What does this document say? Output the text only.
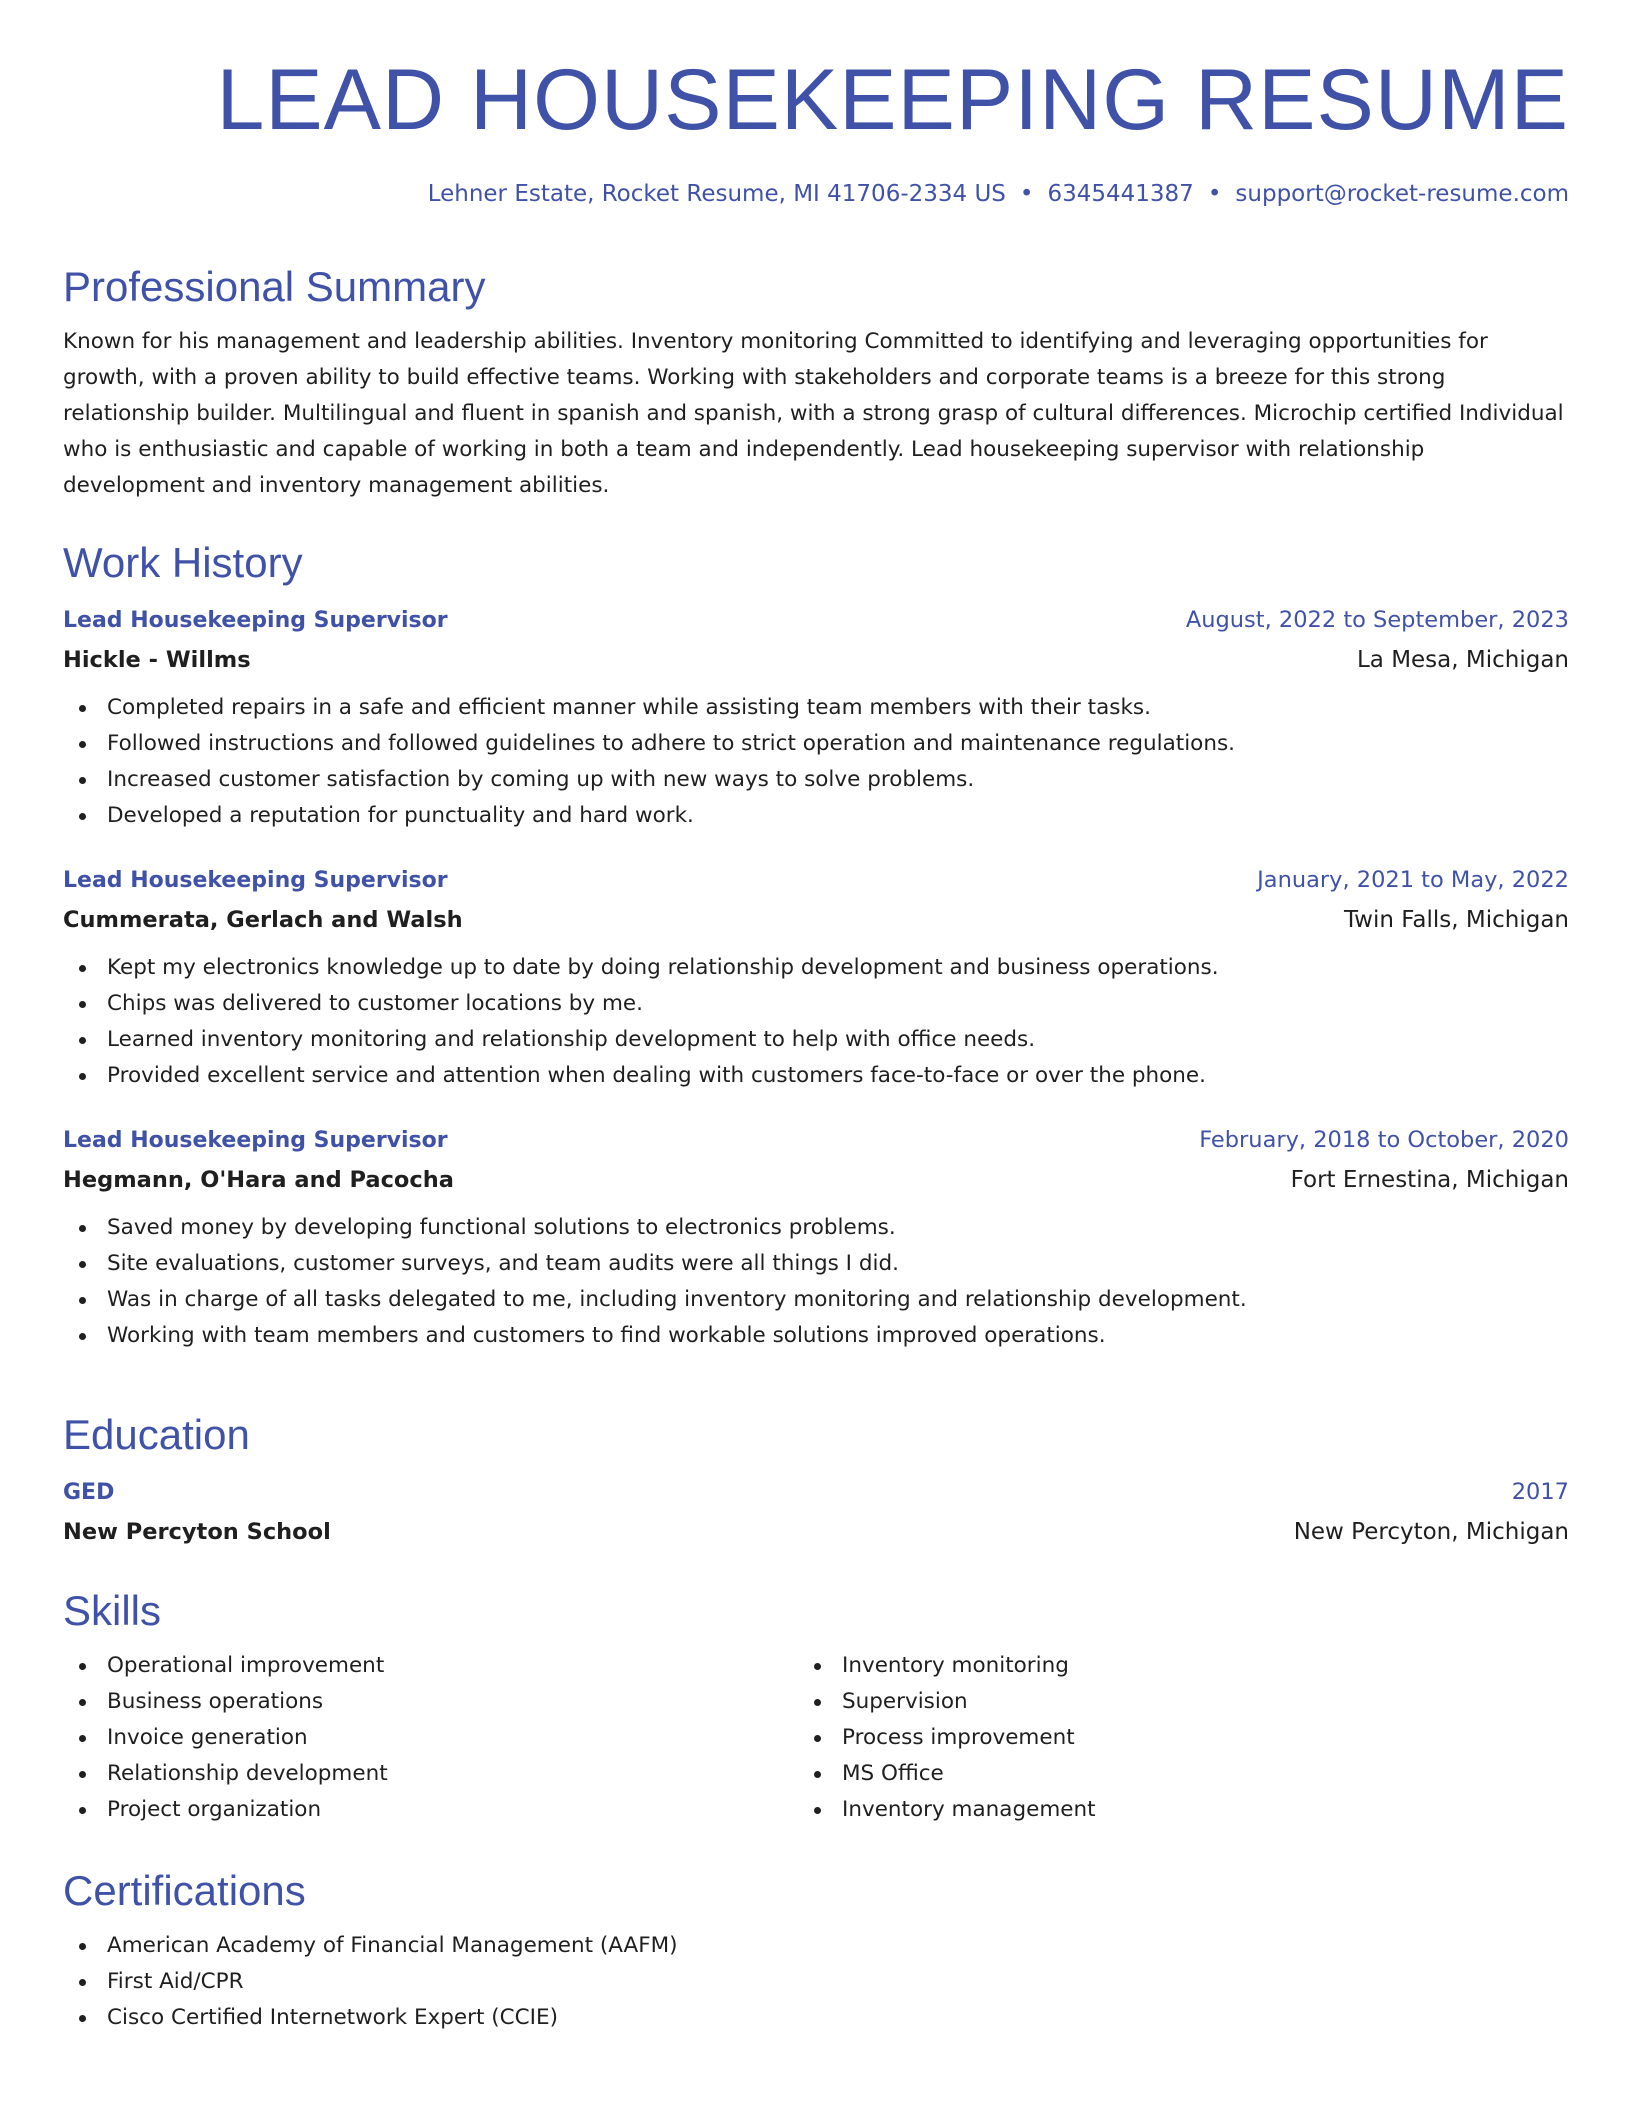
LEAD HOUSEKEEPING RESUME
Lehner Estate, Rocket Resume, MI 41706-2334 US • 6345441387 • support@rocket-resume.com
Professional Summary

Known for his management and leadership abilities. Inventory monitoring Committed to identifying and leveraging opportunities for growth, with a proven ability to build effective teams. Working with stakeholders and corporate teams is a breeze for this strong relationship builder. Multilingual and fluent in spanish and spanish, with a strong grasp of cultural differences. Microchip certified Individual who is enthusiastic and capable of working in both a team and independently. Lead housekeeping supervisor with relationship development and inventory management abilities.

Work History
Lead Housekeeping Supervisor	August, 2022 to September, 2023
Hickle - Willms	La Mesa, Michigan
Completed repairs in a safe and efficient manner while assisting team members with their tasks.
Followed instructions and followed guidelines to adhere to strict operation and maintenance regulations.
Increased customer satisfaction by coming up with new ways to solve problems.
Developed a reputation for punctuality and hard work.
Lead Housekeeping Supervisor	January, 2021 to May, 2022
Cummerata, Gerlach and Walsh	Twin Falls, Michigan
Kept my electronics knowledge up to date by doing relationship development and business operations.
Chips was delivered to customer locations by me.
Learned inventory monitoring and relationship development to help with office needs.
Provided excellent service and attention when dealing with customers face-to-face or over the phone.
Lead Housekeeping Supervisor	February, 2018 to October, 2020
Hegmann, O'Hara and Pacocha	Fort Ernestina, Michigan
Saved money by developing functional solutions to electronics problems.
Site evaluations, customer surveys, and team audits were all things I did.
Was in charge of all tasks delegated to me, including inventory monitoring and relationship development.
Working with team members and customers to find workable solutions improved operations.
Education
GED	2017
New Percyton School	New Percyton, Michigan
Skills
Operational improvement
Business operations
Invoice generation
Relationship development
Project organization
Inventory monitoring
Supervision
Process improvement
MS Office
Inventory management
Certifications
American Academy of Financial Management (AAFM)
First Aid/CPR
Cisco Certified Internetwork Expert (CCIE)
